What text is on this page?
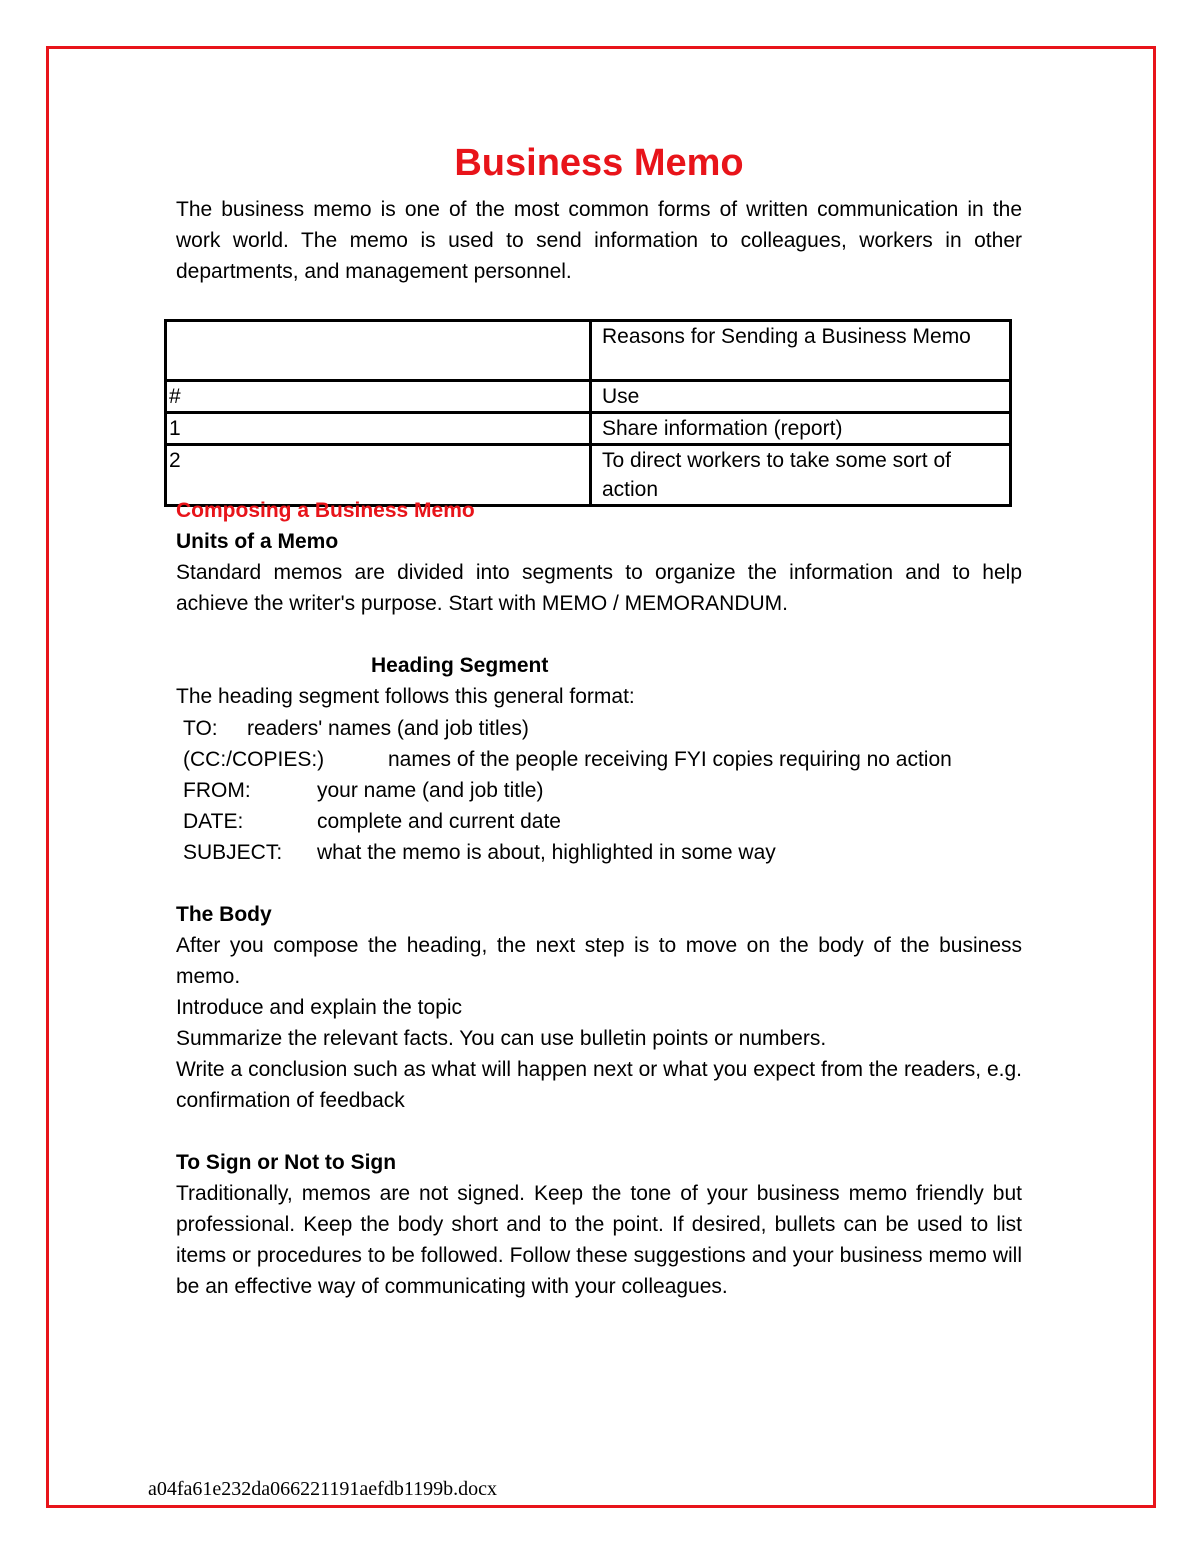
Business Memo
The business memo is one of the most common forms of written communication in the work world. The memo is used to send information to colleagues, workers in other departments, and management personnel.
	Reasons for Sending a Business Memo
#	Use
1	Share information (report)
2	To direct workers to take some sort of action
Composing a Business Memo
Units of a Memo
Standard memos are divided into segments to organize the information and to help achieve the writer's purpose. Start with MEMO / MEMORANDUM.
Heading Segment
The heading segment follows this general format:
TO: readers' names (and job titles)
(CC:/COPIES:)	names of the people receiving FYI copies requiring no action
FROM:	your name (and job title)
DATE:	complete and current date
SUBJECT: what the memo is about, highlighted in some way
The Body
After you compose the heading, the next step is to move on the body of the business memo.
Introduce and explain the topic
Summarize the relevant facts. You can use bulletin points or numbers.
Write a conclusion such as what will happen next or what you expect from the readers, e.g. confirmation of feedback
To Sign or Not to Sign
Traditionally, memos are not signed. Keep the tone of your business memo friendly but professional. Keep the body short and to the point. If desired, bullets can be used to list items or procedures to be followed. Follow these suggestions and your business memo will be an effective way of communicating with your colleagues.
a04fa61e232da066221191aefdb1199b.docx
